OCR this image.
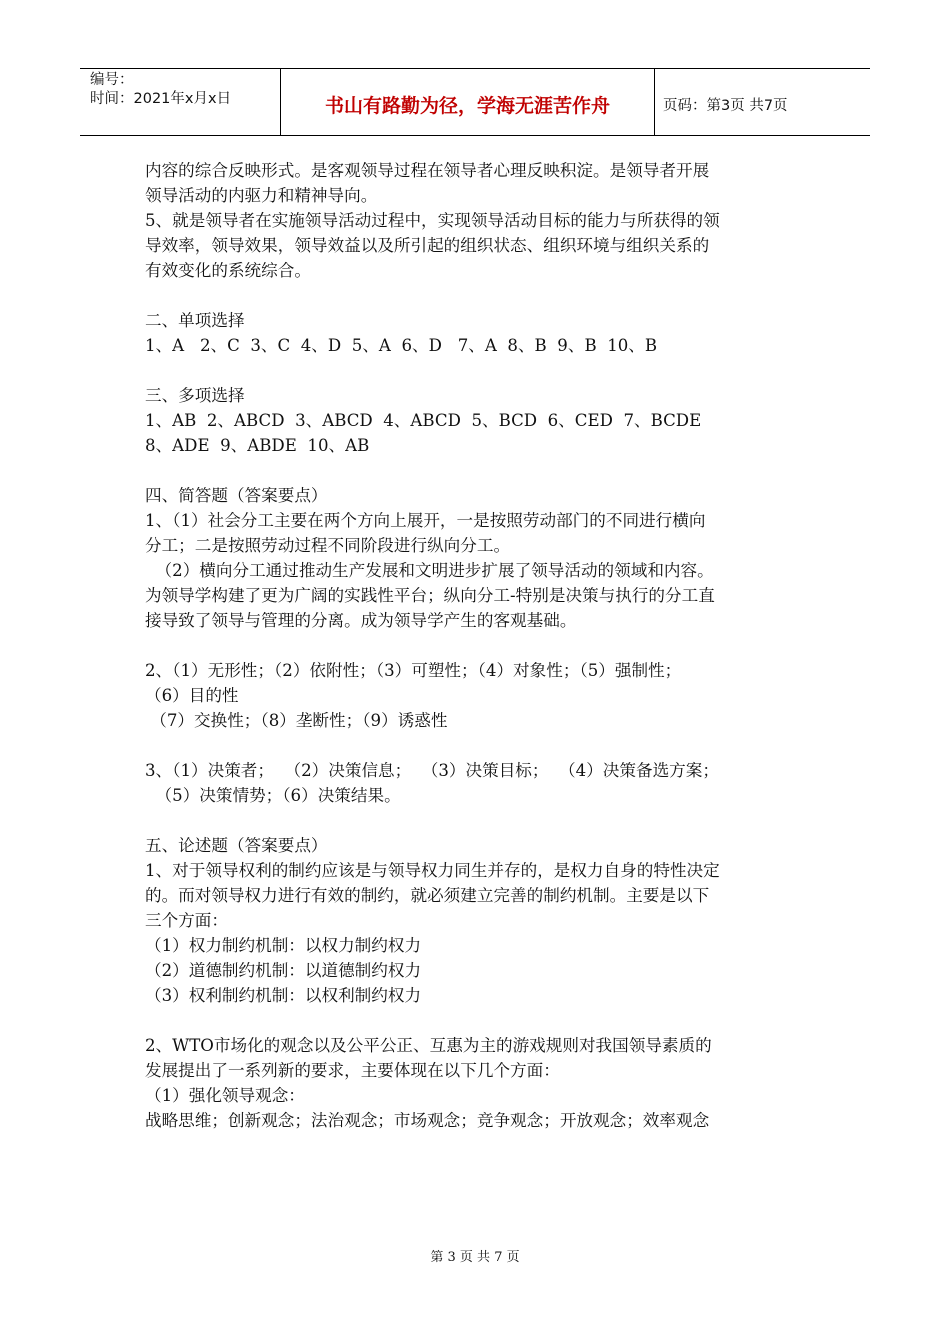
编号：
时间：2021年x月x日	书山有路勤为径，学海无涯苦作舟	页码：第3页 共7页
内容的综合反映形式。是客观领导过程在领导者心理反映积淀。是领导者开展
领导活动的内驱力和精神导向。
5、就是领导者在实施领导活动过程中，实现领导活动目标的能力与所获得的领
导效率，领导效果，领导效益以及所引起的组织状态、组织环境与组织关系的
有效变化的系统综合。
二、单项选择
1、A   2、C  3、C  4、D  5、A  6、D   7、A  8、B  9、B  10、B
三、多项选择
1、AB  2、ABCD  3、ABCD  4、ABCD  5、BCD  6、CED  7、BCDE
8、ADE  9、ABDE  10、AB
四、简答题（答案要点）
1、（1）社会分工主要在两个方向上展开，一是按照劳动部门的不同进行横向
分工；二是按照劳动过程不同阶段进行纵向分工。
（2）横向分工通过推动生产发展和文明进步扩展了领导活动的领域和内容。
为领导学构建了更为广阔的实践性平台；纵向分工-特别是决策与执行的分工直
接导致了领导与管理的分离。成为领导学产生的客观基础。
2、（1）无形性；（2）依附性；（3）可塑性；（4）对象性；（5）强制性；
（6）目的性
（7）交换性；（8）垄断性；（9）诱惑性
3、（1）决策者；  （2）决策信息；  （3）决策目标；  （4）决策备选方案；
（5）决策情势；（6）决策结果。
五、论述题（答案要点）
1、对于领导权利的制约应该是与领导权力同生并存的，是权力自身的特性决定
的。而对领导权力进行有效的制约，就必须建立完善的制约机制。主要是以下
三个方面：
（1）权力制约机制：以权力制约权力
（2）道德制约机制：以道德制约权力
（3）权利制约机制：以权利制约权力
2、WTO市场化的观念以及公平公正、互惠为主的游戏规则对我国领导素质的
发展提出了一系列新的要求，主要体现在以下几个方面：
（1）强化领导观念：
战略思维；创新观念；法治观念；市场观念；竞争观念；开放观念；效率观念
第 3 页 共 7 页
